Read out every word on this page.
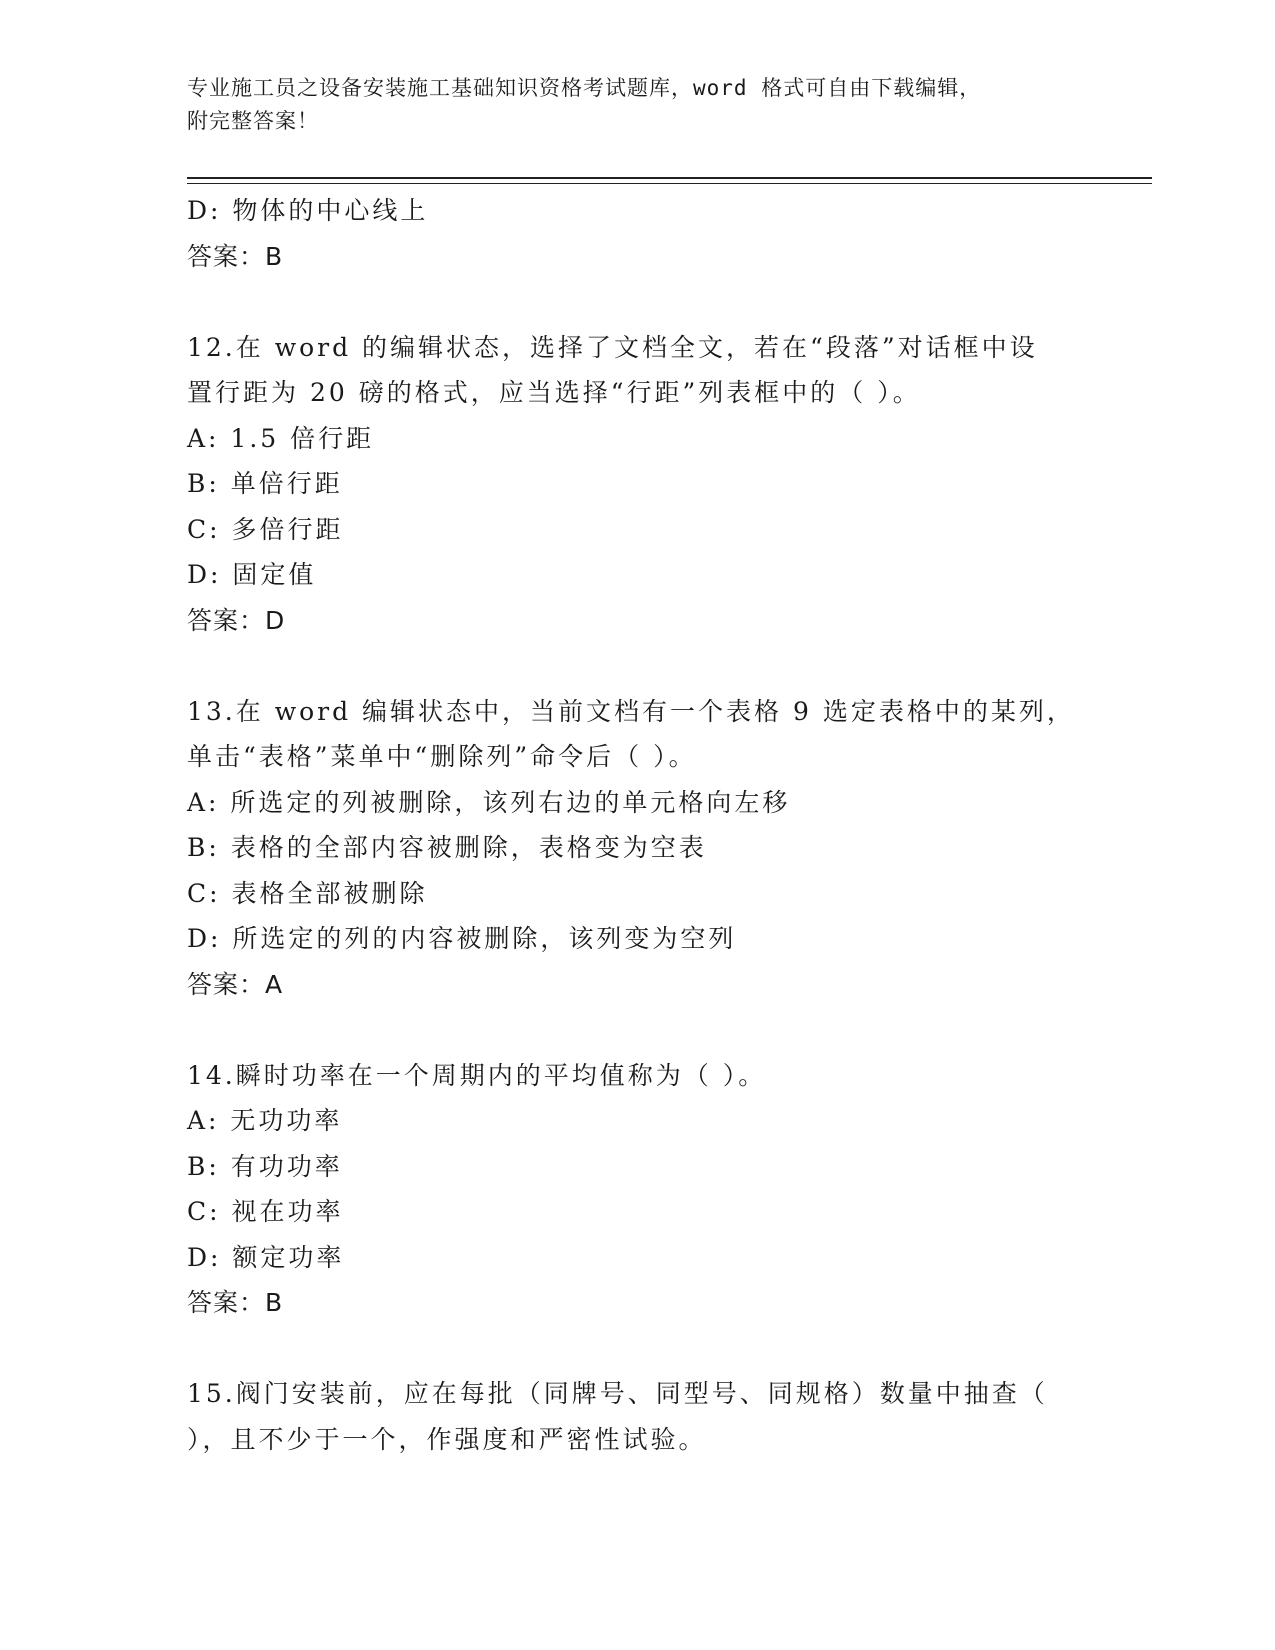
专业施工员之设备安装施工基础知识资格考试题库，word 格式可自由下载编辑，
附完整答案！
D: 物体的中心线上
答案：B
12.在 word 的编辑状态，选择了文档全文，若在“段落”对话框中设
置行距为 20 磅的格式，应当选择“行距”列表框中的（ ）。
A: 1.5 倍行距
B: 单倍行距
C: 多倍行距
D: 固定值
答案：D
13.在 word 编辑状态中，当前文档有一个表格 9 选定表格中的某列，
单击“表格”菜单中“删除列”命令后（ ）。
A: 所选定的列被删除，该列右边的单元格向左移
B: 表格的全部内容被删除，表格变为空表
C: 表格全部被删除
D: 所选定的列的内容被删除，该列变为空列
答案：A
14.瞬时功率在一个周期内的平均值称为（ ）。
A: 无功功率
B: 有功功率
C: 视在功率
D: 额定功率
答案：B
15.阀门安装前，应在每批（同牌号、同型号、同规格）数量中抽查（
），且不少于一个，作强度和严密性试验。
